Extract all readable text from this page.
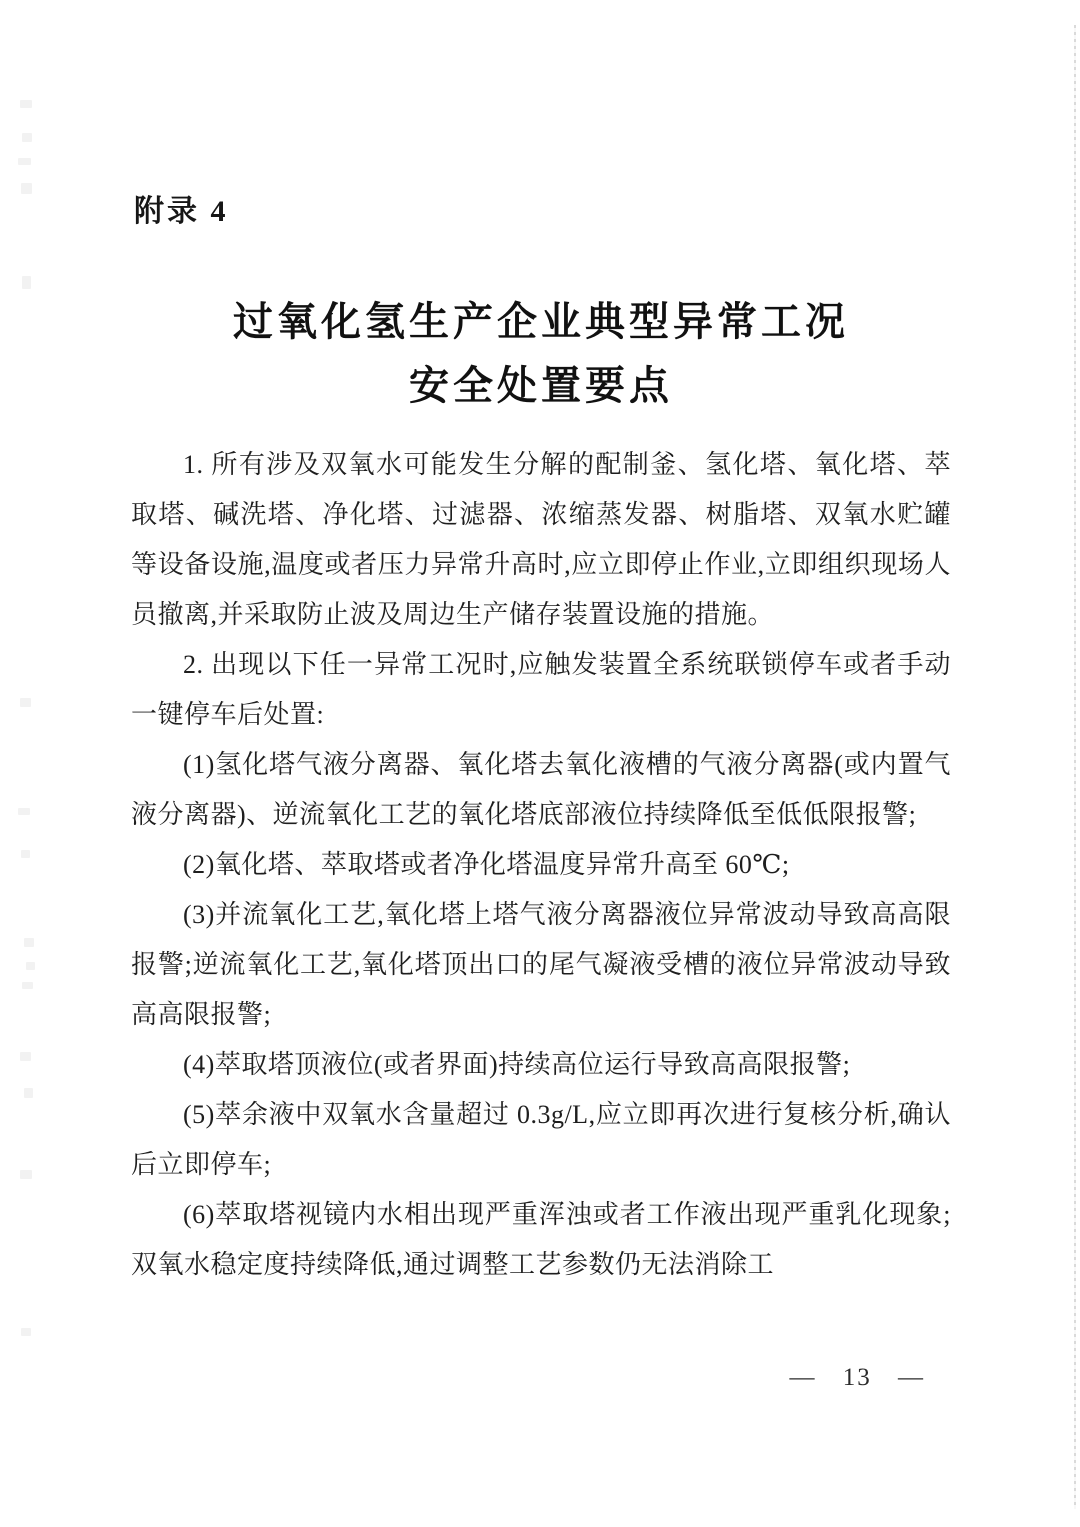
附录 4
过氧化氢生产企业典型异常工况
安全处置要点

1. 所有涉及双氧水可能发生分解的配制釜、氢化塔、氧化塔、萃取塔、碱洗塔、净化塔、过滤器、浓缩蒸发器、树脂塔、双氧水贮罐等设备设施,温度或者压力异常升高时,应立即停止作业,立即组织现场人员撤离,并采取防止波及周边生产储存装置设施的措施。

2. 出现以下任一异常工况时,应触发装置全系统联锁停车或者手动一键停车后处置:

(1)氢化塔气液分离器、氧化塔去氧化液槽的气液分离器(或内置气液分离器)、逆流氧化工艺的氧化塔底部液位持续降低至低低限报警;

(2)氧化塔、萃取塔或者净化塔温度异常升高至 60℃;

(3)并流氧化工艺,氧化塔上塔气液分离器液位异常波动导致高高限报警;逆流氧化工艺,氧化塔顶出口的尾气凝液受槽的液位异常波动导致高高限报警;

(4)萃取塔顶液位(或者界面)持续高位运行导致高高限报警;

(5)萃余液中双氧水含量超过 0.3g/L,应立即再次进行复核分析,确认后立即停车;

(6)萃取塔视镜内水相出现严重浑浊或者工作液出现严重乳化现象;双氧水稳定度持续降低,通过调整工艺参数仍无法消除工

— 13 —
